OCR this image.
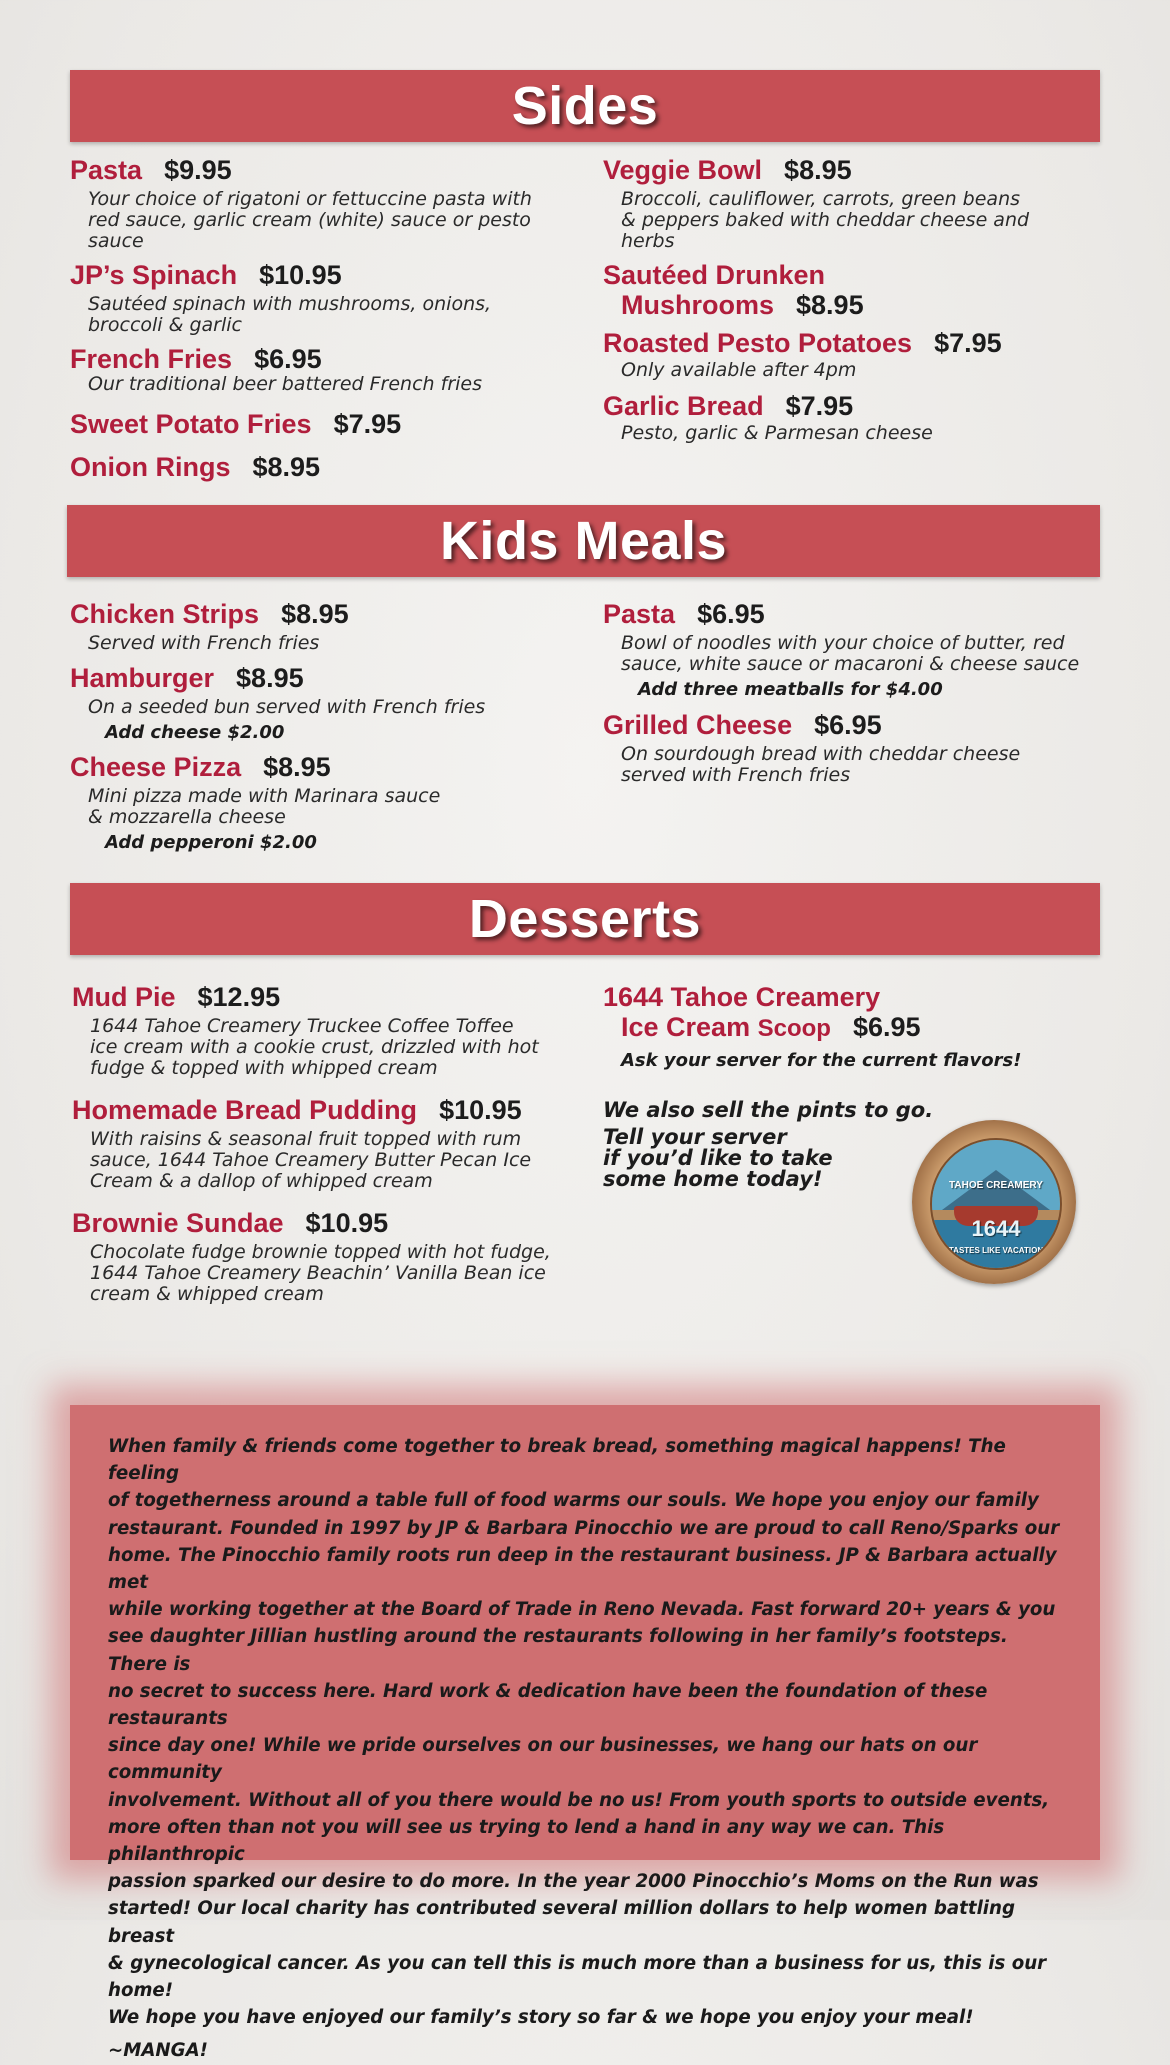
Sides
Pasta $9.95
Your choice of rigatoni or fettuccine pasta with
red sauce, garlic cream (white) sauce or pesto
sauce
JP’s Spinach $10.95
Sautéed spinach with mushrooms, onions,
broccoli & garlic
French Fries $6.95
Our traditional beer battered French fries
Sweet Potato Fries $7.95
Onion Rings $8.95
Veggie Bowl $8.95
Broccoli, cauliflower, carrots, green beans
& peppers baked with cheddar cheese and
herbs
Sautéed Drunken
Mushrooms $8.95
Roasted Pesto Potatoes $7.95
Only available after 4pm
Garlic Bread $7.95
Pesto, garlic & Parmesan cheese
Kids Meals
Chicken Strips $8.95
Served with French fries
Hamburger $8.95
On a seeded bun served with French fries
Add cheese $2.00
Cheese Pizza $8.95
Mini pizza made with Marinara sauce
& mozzarella cheese
Add pepperoni $2.00
Pasta $6.95
Bowl of noodles with your choice of butter, red
sauce, white sauce or macaroni & cheese sauce
Add three meatballs for $4.00
Grilled Cheese $6.95
On sourdough bread with cheddar cheese
served with French fries
Desserts
Mud Pie $12.95
1644 Tahoe Creamery Truckee Coffee Toffee
ice cream with a cookie crust, drizzled with hot
fudge & topped with whipped cream
Homemade Bread Pudding $10.95
With raisins & seasonal fruit topped with rum
sauce, 1644 Tahoe Creamery Butter Pecan Ice
Cream & a dallop of whipped cream
Brownie Sundae $10.95
Chocolate fudge brownie topped with hot fudge,
1644 Tahoe Creamery Beachin’ Vanilla Bean ice
cream & whipped cream
1644 Tahoe Creamery
Ice Cream Scoop $6.95
Ask your server for the current flavors!
We also sell the pints to go.
Tell your server
if you’d like to take
some home today!	TAHOE CREAMERY
1644
TASTES LIKE VACATION
When family & friends come together to break bread, something magical happens! The feeling
of togetherness around a table full of food warms our souls. We hope you enjoy our family
restaurant. Founded in 1997 by JP & Barbara Pinocchio we are proud to call Reno/Sparks our
home. The Pinocchio family roots run deep in the restaurant business. JP & Barbara actually met
while working together at the Board of Trade in Reno Nevada. Fast forward 20+ years & you
see daughter Jillian hustling around the restaurants following in her family’s footsteps. There is
no secret to success here. Hard work & dedication have been the foundation of these restaurants
since day one! While we pride ourselves on our businesses, we hang our hats on our community
involvement. Without all of you there would be no us! From youth sports to outside events,
more often than not you will see us trying to lend a hand in any way we can. This philanthropic
passion sparked our desire to do more. In the year 2000 Pinocchio’s Moms on the Run was
started! Our local charity has contributed several million dollars to help women battling breast
& gynecological cancer. As you can tell this is much more than a business for us, this is our home!
We hope you have enjoyed our family’s story so far & we hope you enjoy your meal!
~MANGA!
